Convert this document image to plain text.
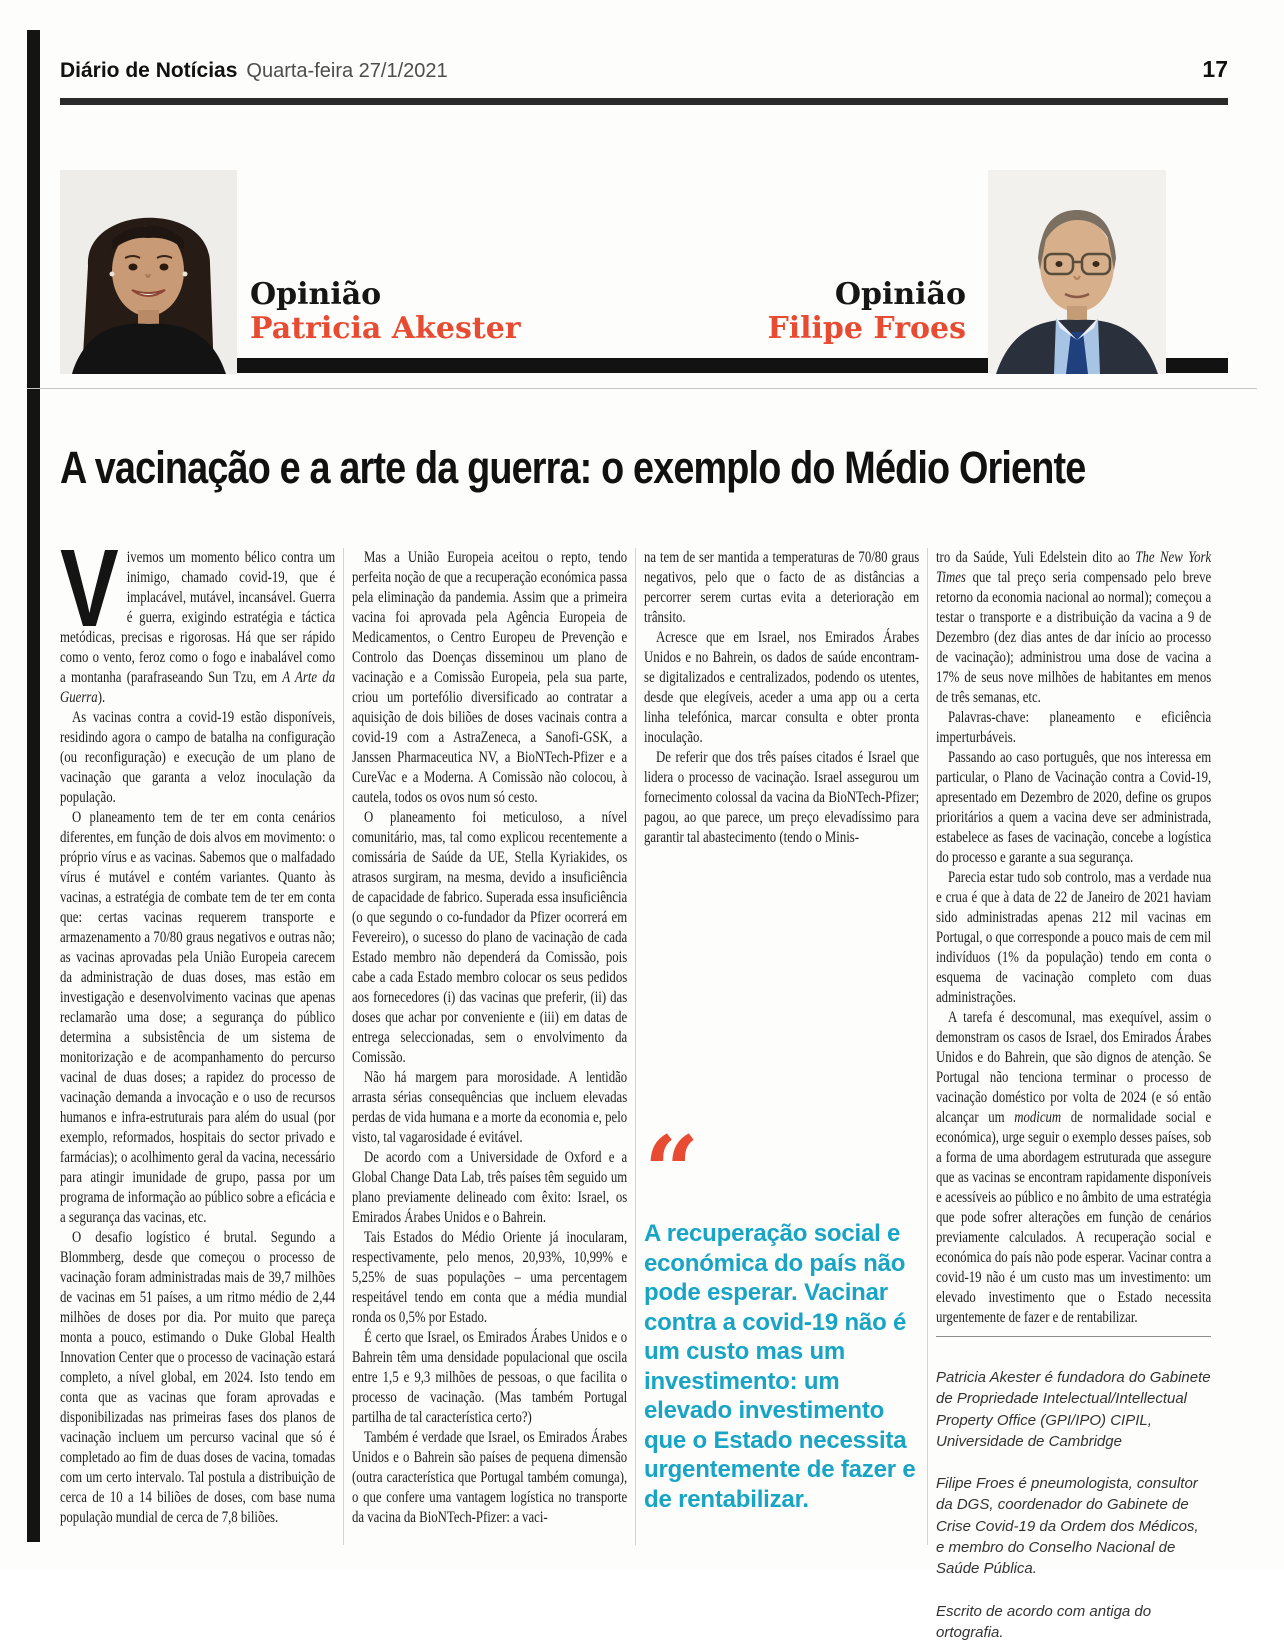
Diário de Notícias Quarta-feira 27/1/2021	17
Opinião
Patricia Akester
Opinião
Filipe Froes
A vacinação e a arte da guerra: o exemplo do Médio Oriente

Vivemos um momento bélico contra um inimigo, chamado covid-19, que é implacável, mutável, incansável. Guerra é guerra, exigindo estratégia e táctica metódicas, precisas e rigorosas. Há que ser rápido como o vento, feroz como o fogo e inabalável como a montanha (parafraseando Sun Tzu, em A Arte da Guerra).

As vacinas contra a covid-19 estão disponíveis, residindo agora o campo de batalha na configuração (ou reconfiguração) e execução de um plano de vacinação que garanta a veloz inoculação da população.

O planeamento tem de ter em conta cenários diferentes, em função de dois alvos em movimento: o próprio vírus e as vacinas. Sabemos que o malfadado vírus é mutável e contém variantes. Quanto às vacinas, a estratégia de combate tem de ter em conta que: certas vacinas requerem transporte e armazenamento a 70/80 graus negativos e outras não; as vacinas aprovadas pela União Europeia carecem da administração de duas doses, mas estão em investigação e desenvolvimento vacinas que apenas reclamarão uma dose; a segurança do público determina a subsistência de um sistema de monitorização e de acompanhamento do percurso vacinal de duas doses; a rapidez do processo de vacinação demanda a invocação e o uso de recursos humanos e infra-estruturais para além do usual (por exemplo, reformados, hospitais do sector privado e farmácias); o acolhimento geral da vacina, necessário para atingir imunidade de grupo, passa por um programa de informação ao público sobre a eficácia e a segurança das vacinas, etc.

O desafio logístico é brutal. Segundo a Blommberg, desde que começou o processo de vacinação foram administradas mais de 39,7 milhões de vacinas em 51 países, a um ritmo médio de 2,44 milhões de doses por dia. Por muito que pareça monta a pouco, estimando o Duke Global Health Innovation Center que o processo de vacinação estará completo, a nível global, em 2024. Isto tendo em conta que as vacinas que foram aprovadas e disponibilizadas nas primeiras fases dos planos de vacinação incluem um percurso vacinal que só é completado ao fim de duas doses de vacina, tomadas com um certo intervalo. Tal postula a distribuição de cerca de 10 a 14 biliões de doses, com base numa população mundial de cerca de 7,8 biliões.

Mas a União Europeia aceitou o repto, tendo perfeita noção de que a recuperação económica passa pela eliminação da pandemia. Assim que a primeira vacina foi aprovada pela Agência Europeia de Medicamentos, o Centro Europeu de Prevenção e Controlo das Doenças disseminou um plano de vacinação e a Comissão Europeia, pela sua parte, criou um portefólio diversificado ao contratar a aquisição de dois biliões de doses vacinais contra a covid-19 com a AstraZeneca, a Sanofi-GSK, a Janssen Pharmaceutica NV, a BioNTech-Pfizer e a CureVac e a Moderna. A Comissão não colocou, à cautela, todos os ovos num só cesto.

O planeamento foi meticuloso, a nível comunitário, mas, tal como explicou recentemente a comissária de Saúde da UE, Stella Kyriakides, os atrasos surgiram, na mesma, devido a insuficiência de capacidade de fabrico. Superada essa insuficiência (o que segundo o co-fundador da Pfizer ocorrerá em Fevereiro), o sucesso do plano de vacinação de cada Estado membro não dependerá da Comissão, pois cabe a cada Estado membro colocar os seus pedidos aos fornecedores (i) das vacinas que preferir, (ii) das doses que achar por conveniente e (iii) em datas de entrega seleccionadas, sem o envolvimento da Comissão.

Não há margem para morosidade. A lentidão arrasta sérias consequências que incluem elevadas perdas de vida humana e a morte da economia e, pelo visto, tal vagarosidade é evitável.

De acordo com a Universidade de Oxford e a Global Change Data Lab, três países têm seguido um plano previamente delineado com êxito: Israel, os Emirados Árabes Unidos e o Bahrein.

Tais Estados do Médio Oriente já inocularam, respectivamente, pelo menos, 20,93%, 10,99% e 5,25% de suas populações – uma percentagem respeitável tendo em conta que a média mundial ronda os 0,5% por Estado.

É certo que Israel, os Emirados Árabes Unidos e o Bahrein têm uma densidade populacional que oscila entre 1,5 e 9,3 milhões de pessoas, o que facilita o processo de vacinação. (Mas também Portugal partilha de tal característica certo?)

Também é verdade que Israel, os Emirados Árabes Unidos e o Bahrein são países de pequena dimensão (outra característica que Portugal também comunga), o que confere uma vantagem logística no transporte da vacina da BioNTech-Pfizer: a vaci-

na tem de ser mantida a temperaturas de 70/80 graus negativos, pelo que o facto de as distâncias a percorrer serem curtas evita a deterioração em trânsito.

Acresce que em Israel, nos Emirados Árabes Unidos e no Bahrein, os dados de saúde encontram-se digitalizados e centralizados, podendo os utentes, desde que elegíveis, aceder a uma app ou a certa linha telefónica, marcar consulta e obter pronta inoculação.

De referir que dos três países citados é Israel que lidera o processo de vacinação. Israel assegurou um fornecimento colossal da vacina da BioNTech-Pfizer; pagou, ao que parece, um preço elevadíssimo para garantir tal abastecimento (tendo o Minis-

“
A recuperação social e económica do país não pode esperar. Vacinar contra a covid-19 não é um custo mas um investimento: um elevado investimento que o Estado necessita urgentemente de fazer e de rentabilizar.

tro da Saúde, Yuli Edelstein dito ao The New York Times que tal preço seria compensado pelo breve retorno da economia nacional ao normal); começou a testar o transporte e a distribuição da vacina a 9 de Dezembro (dez dias antes de dar início ao processo de vacinação); administrou uma dose de vacina a 17% de seus nove milhões de habitantes em menos de três semanas, etc.

Palavras-chave: planeamento e eficiência imperturbáveis.

Passando ao caso português, que nos interessa em particular, o Plano de Vacinação contra a Covid-19, apresentado em Dezembro de 2020, define os grupos prioritários a quem a vacina deve ser administrada, estabelece as fases de vacinação, concebe a logística do processo e garante a sua segurança.

Parecia estar tudo sob controlo, mas a verdade nua e crua é que à data de 22 de Janeiro de 2021 haviam sido administradas apenas 212 mil vacinas em Portugal, o que corresponde a pouco mais de cem mil indivíduos (1% da população) tendo em conta o esquema de vacinação completo com duas administrações.

A tarefa é descomunal, mas exequível, assim o demonstram os casos de Israel, dos Emirados Árabes Unidos e do Bahrein, que são dignos de atenção. Se Portugal não tenciona terminar o processo de vacinação doméstico por volta de 2024 (e só então alcançar um modicum de normalidade social e económica), urge seguir o exemplo desses países, sob a forma de uma abordagem estruturada que assegure que as vacinas se encontram rapidamente disponíveis e acessíveis ao público e no âmbito de uma estratégia que pode sofrer alterações em função de cenários previamente calculados. A recuperação social e económica do país não pode esperar. Vacinar contra a covid-19 não é um custo mas um investimento: um elevado investimento que o Estado necessita urgentemente de fazer e de rentabilizar.

Patricia Akester é fundadora do Gabinete de Propriedade Intelectual/Intellectual Property Office (GPI/IPO) CIPIL, Universidade de Cambridge

Filipe Froes é pneumologista, consultor da DGS, coordenador do Gabinete de Crise Covid-19 da Ordem dos Médicos, e membro do Conselho Nacional de Saúde Pública.

Escrito de acordo com antiga do ortografia.
